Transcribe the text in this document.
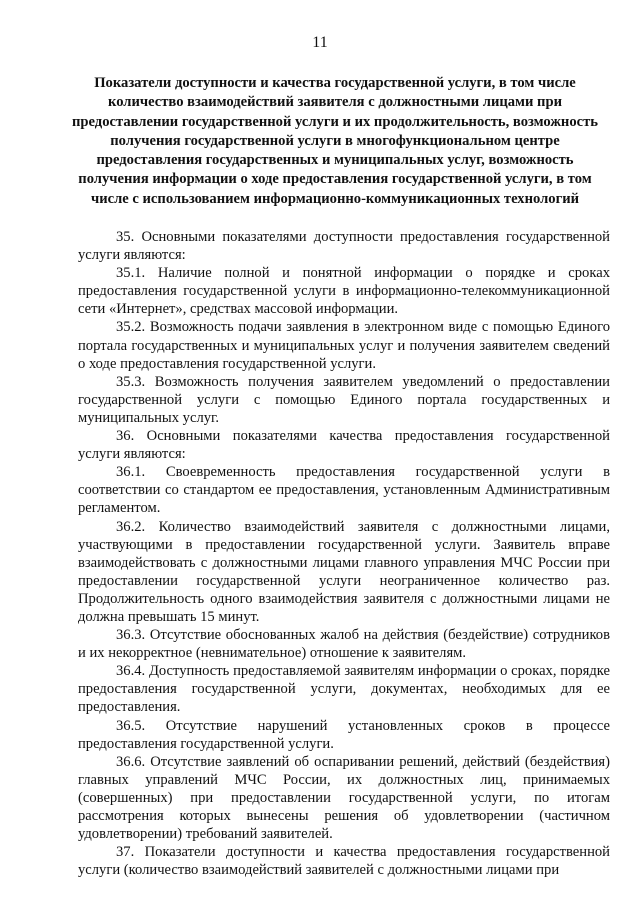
11
Показатели доступности и качества государственной услуги, в том числе количество взаимодействий заявителя с должностными лицами при предоставлении государственной услуги и их продолжительность, возможность получения государственной услуги в многофункциональном центре предоставления государственных и муниципальных услуг, возможность получения информации о ходе предоставления государственной услуги, в том числе с использованием информационно-коммуникационных технологий

35. Основными показателями доступности предоставления государственной услуги являются:

35.1. Наличие полной и понятной информации о порядке и сроках предоставления государственной услуги в информационно-телекоммуникационной сети «Интернет», средствах массовой информации.

35.2. Возможность подачи заявления в электронном виде с помощью Единого портала государственных и муниципальных услуг и получения заявителем сведений о ходе предоставления государственной услуги.

35.3. Возможность получения заявителем уведомлений о предоставлении государственной услуги с помощью Единого портала государственных и муниципальных услуг.

36. Основными показателями качества предоставления государственной услуги являются:

36.1. Своевременность предоставления государственной услуги в соответствии со стандартом ее предоставления, установленным Административным регламентом.

36.2. Количество взаимодействий заявителя с должностными лицами, участвующими в предоставлении государственной услуги. Заявитель вправе взаимодействовать с должностными лицами главного управления МЧС России при предоставлении государственной услуги неограниченное количество раз. Продолжительность одного взаимодействия заявителя с должностными лицами не должна превышать 15 минут.

36.3. Отсутствие обоснованных жалоб на действия (бездействие) сотрудников и их некорректное (невнимательное) отношение к заявителям.

36.4. Доступность предоставляемой заявителям информации о сроках, порядке предоставления государственной услуги, документах, необходимых для ее предоставления.

36.5. Отсутствие нарушений установленных сроков в процессе предоставления государственной услуги.

36.6. Отсутствие заявлений об оспаривании решений, действий (бездействия) главных управлений МЧС России, их должностных лиц, принимаемых (совершенных) при предоставлении государственной услуги, по итогам рассмотрения которых вынесены решения об удовлетворении (частичном удовлетворении) требований заявителей.

37. Показатели доступности и качества предоставления государственной услуги (количество взаимодействий заявителей с должностными лицами при
